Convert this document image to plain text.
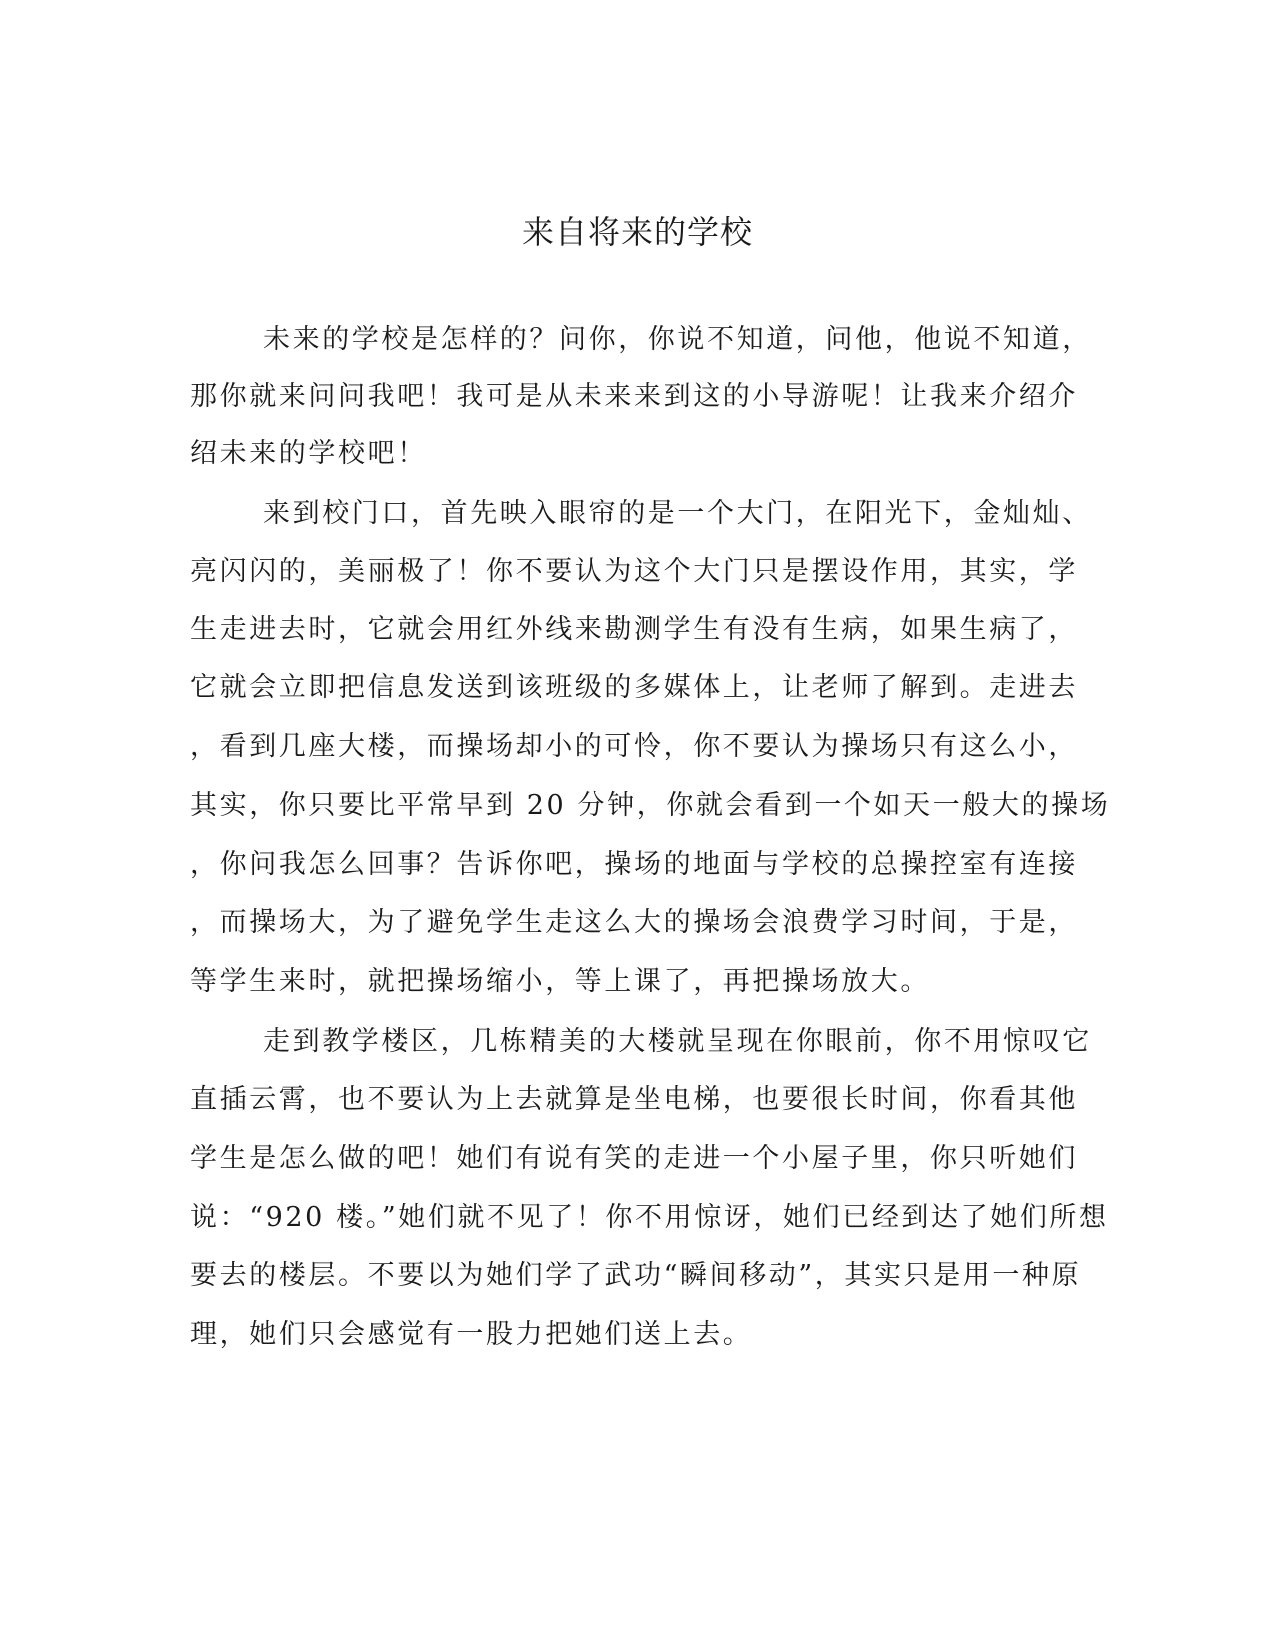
来自将来的学校
未来的学校是怎样的？问你，你说不知道，问他，他说不知道，
那你就来问问我吧！我可是从未来来到这的小导游呢！让我来介绍介
绍未来的学校吧！
来到校门口，首先映入眼帘的是一个大门，在阳光下，金灿灿、
亮闪闪的，美丽极了！你不要认为这个大门只是摆设作用，其实，学
生走进去时，它就会用红外线来勘测学生有没有生病，如果生病了，
它就会立即把信息发送到该班级的多媒体上，让老师了解到。走进去
，看到几座大楼，而操场却小的可怜，你不要认为操场只有这么小，
其实，你只要比平常早到 20 分钟，你就会看到一个如天一般大的操场
，你问我怎么回事？告诉你吧，操场的地面与学校的总操控室有连接
，而操场大，为了避免学生走这么大的操场会浪费学习时间，于是，
等学生来时，就把操场缩小，等上课了，再把操场放大。
走到教学楼区，几栋精美的大楼就呈现在你眼前，你不用惊叹它
直插云霄，也不要认为上去就算是坐电梯，也要很长时间，你看其他
学生是怎么做的吧！她们有说有笑的走进一个小屋子里，你只听她们
说：“920 楼。”她们就不见了！你不用惊讶，她们已经到达了她们所想
要去的楼层。不要以为她们学了武功“瞬间移动”，其实只是用一种原
理，她们只会感觉有一股力把她们送上去。
